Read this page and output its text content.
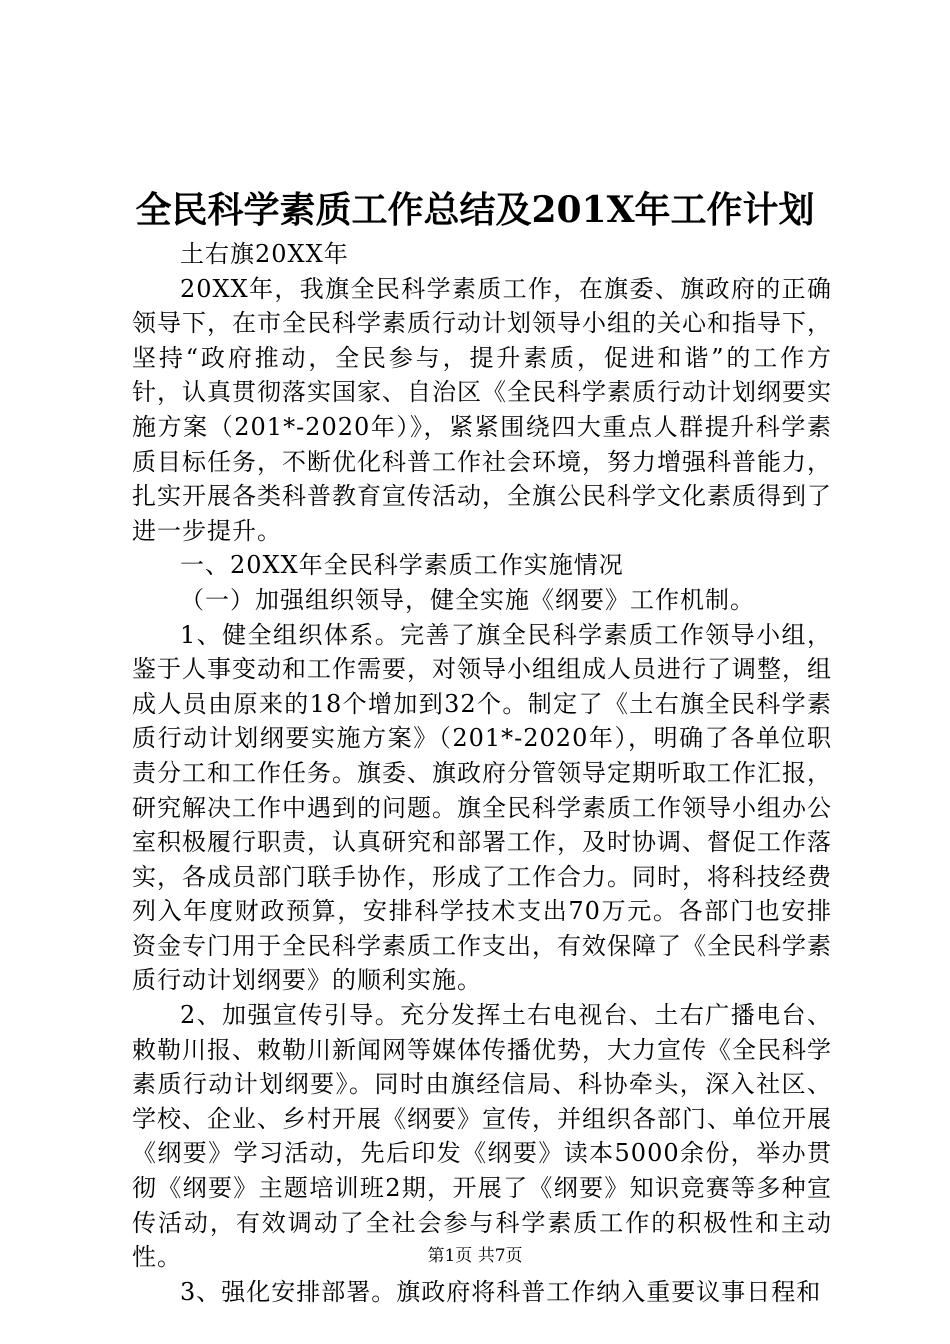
全民科学素质工作总结及201X年工作计划

土右旗20XX年

20XX年，我旗全民科学素质工作，在旗委、旗政府的正确领导下，在市全民科学素质行动计划领导小组的关心和指导下，坚持“政府推动，全民参与，提升素质，促进和谐”的工作方针，认真贯彻落实国家、自治区《全民科学素质行动计划纲要实施方案（201*-2020年）》，紧紧围绕四大重点人群提升科学素质目标任务，不断优化科普工作社会环境，努力增强科普能力，扎实开展各类科普教育宣传活动，全旗公民科学文化素质得到了进一步提升。

一、20XX年全民科学素质工作实施情况

（一）加强组织领导，健全实施《纲要》工作机制。

1、健全组织体系。完善了旗全民科学素质工作领导小组，鉴于人事变动和工作需要，对领导小组组成人员进行了调整，组成人员由原来的18个增加到32个。制定了《土右旗全民科学素质行动计划纲要实施方案》（201*-2020年），明确了各单位职责分工和工作任务。旗委、旗政府分管领导定期听取工作汇报，研究解决工作中遇到的问题。旗全民科学素质工作领导小组办公室积极履行职责，认真研究和部署工作，及时协调、督促工作落实，各成员部门联手协作，形成了工作合力。同时，将科技经费列入年度财政预算，安排科学技术支出70万元。各部门也安排资金专门用于全民科学素质工作支出，有效保障了《全民科学素质行动计划纲要》的顺利实施。

2、加强宣传引导。充分发挥土右电视台、土右广播电台、敕勒川报、敕勒川新闻网等媒体传播优势，大力宣传《全民科学素质行动计划纲要》。同时由旗经信局、科协牵头，深入社区、学校、企业、乡村开展《纲要》宣传，并组织各部门、单位开展《纲要》学习活动，先后印发《纲要》读本5000余份，举办贯彻《纲要》主题培训班2期，开展了《纲要》知识竞赛等多种宣传活动，有效调动了全社会参与科学素质工作的积极性和主动性。

3、强化安排部署。旗政府将科普工作纳入重要议事日程和

第1页 共7页
